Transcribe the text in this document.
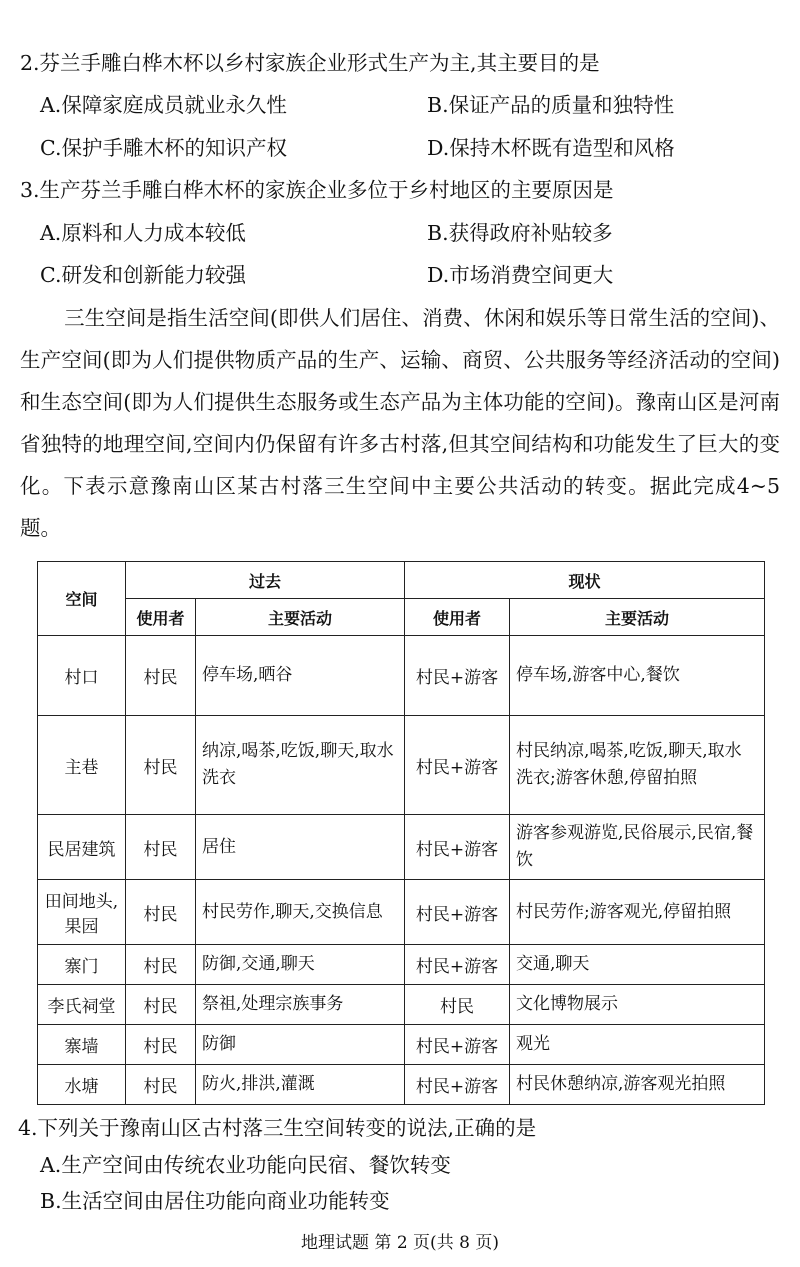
2.芬兰手雕白桦木杯以乡村家族企业形式生产为主,其主要目的是
A.保障家庭成员就业永久性	B.保证产品的质量和独特性
C.保护手雕木杯的知识产权	D.保持木杯既有造型和风格
3.生产芬兰手雕白桦木杯的家族企业多位于乡村地区的主要原因是
A.原料和人力成本较低	B.获得政府补贴较多
C.研发和创新能力较强	D.市场消费空间更大
三生空间是指生活空间(即供人们居住、消费、休闲和娱乐等日常生活的空间)、生产空间(即为人们提供物质产品的生产、运输、商贸、公共服务等经济活动的空间)和生态空间(即为人们提供生态服务或生态产品为主体功能的空间)。豫南山区是河南省独特的地理空间,空间内仍保留有许多古村落,但其空间结构和功能发生了巨大的变化。下表示意豫南山区某古村落三生空间中主要公共活动的转变。据此完成4~5题。
空间	过去		现状	
	使用者	主要活动	使用者	主要活动
村口	村民	停车场,晒谷	村民+游客	停车场,游客中心,餐饮
主巷	村民	纳凉,喝茶,吃饭,聊天,取水洗衣	村民+游客	村民纳凉,喝茶,吃饭,聊天,取水洗衣;游客休憩,停留拍照
民居建筑	村民	居住	村民+游客	游客参观游览,民俗展示,民宿,餐饮
田间地头,果园	村民	村民劳作,聊天,交换信息	村民+游客	村民劳作;游客观光,停留拍照
寨门	村民	防御,交通,聊天	村民+游客	交通,聊天
李氏祠堂	村民	祭祖,处理宗族事务	村民	文化博物展示
寨墙	村民	防御	村民+游客	观光
水塘	村民	防火,排洪,灌溉	村民+游客	村民休憩纳凉,游客观光拍照
4.下列关于豫南山区古村落三生空间转变的说法,正确的是
A.生产空间由传统农业功能向民宿、餐饮转变
B.生活空间由居住功能向商业功能转变
地理试题 第 2 页(共 8 页)
